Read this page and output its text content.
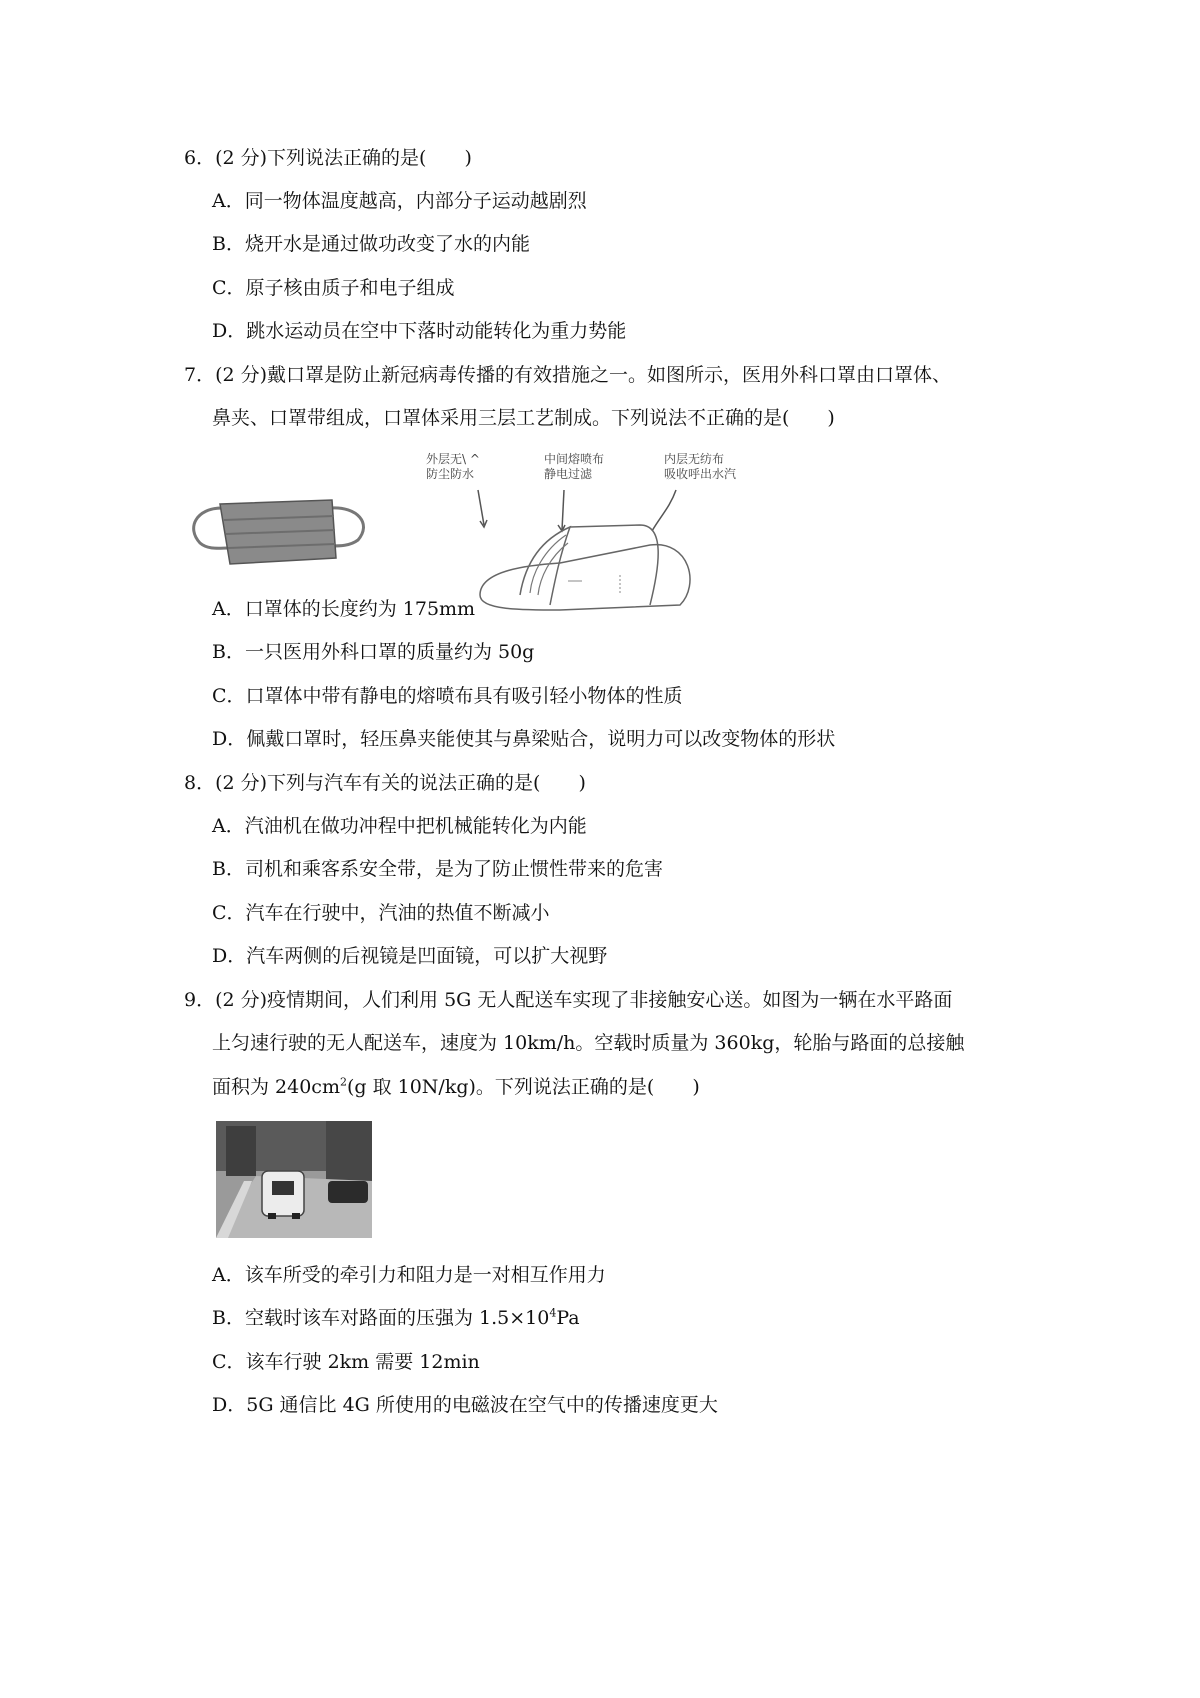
6．(2 分)下列说法正确的是(　　)
A．同一物体温度越高，内部分子运动越剧烈
B．烧开水是通过做功改变了水的内能
C．原子核由质子和电子组成
D．跳水运动员在空中下落时动能转化为重力势能
7．(2 分)戴口罩是防止新冠病毒传播的有效措施之一。如图所示，医用外科口罩由口罩体、
鼻夹、口罩带组成，口罩体采用三层工艺制成。下列说法不正确的是(　　)
外层无\ ^
防尘防水
中间熔喷布
静电过滤
内层无纺布
吸收呼出水汽
A．口罩体的长度约为 175mm
B．一只医用外科口罩的质量约为 50g
C．口罩体中带有静电的熔喷布具有吸引轻小物体的性质
D．佩戴口罩时，轻压鼻夹能使其与鼻梁贴合，说明力可以改变物体的形状
8．(2 分)下列与汽车有关的说法正确的是(　　)
A．汽油机在做功冲程中把机械能转化为内能
B．司机和乘客系安全带，是为了防止惯性带来的危害
C．汽车在行驶中，汽油的热值不断减小
D．汽车两侧的后视镜是凹面镜，可以扩大视野
9．(2 分)疫情期间，人们利用 5G 无人配送车实现了非接触安心送。如图为一辆在水平路面
上匀速行驶的无人配送车，速度为 10km/h。空载时质量为 360kg，轮胎与路面的总接触
面积为 $240cm^2(g$ 取 10N/kg)。下列说法正确的是(　　)
A．该车所受的牵引力和阻力是一对相互作用力
B．空载时该车对路面的压强为 $1.5\times 10^4Pa$
C．该车行驶 2km 需要 12min
D．5G 通信比 4G 所使用的电磁波在空气中的传播速度更大
